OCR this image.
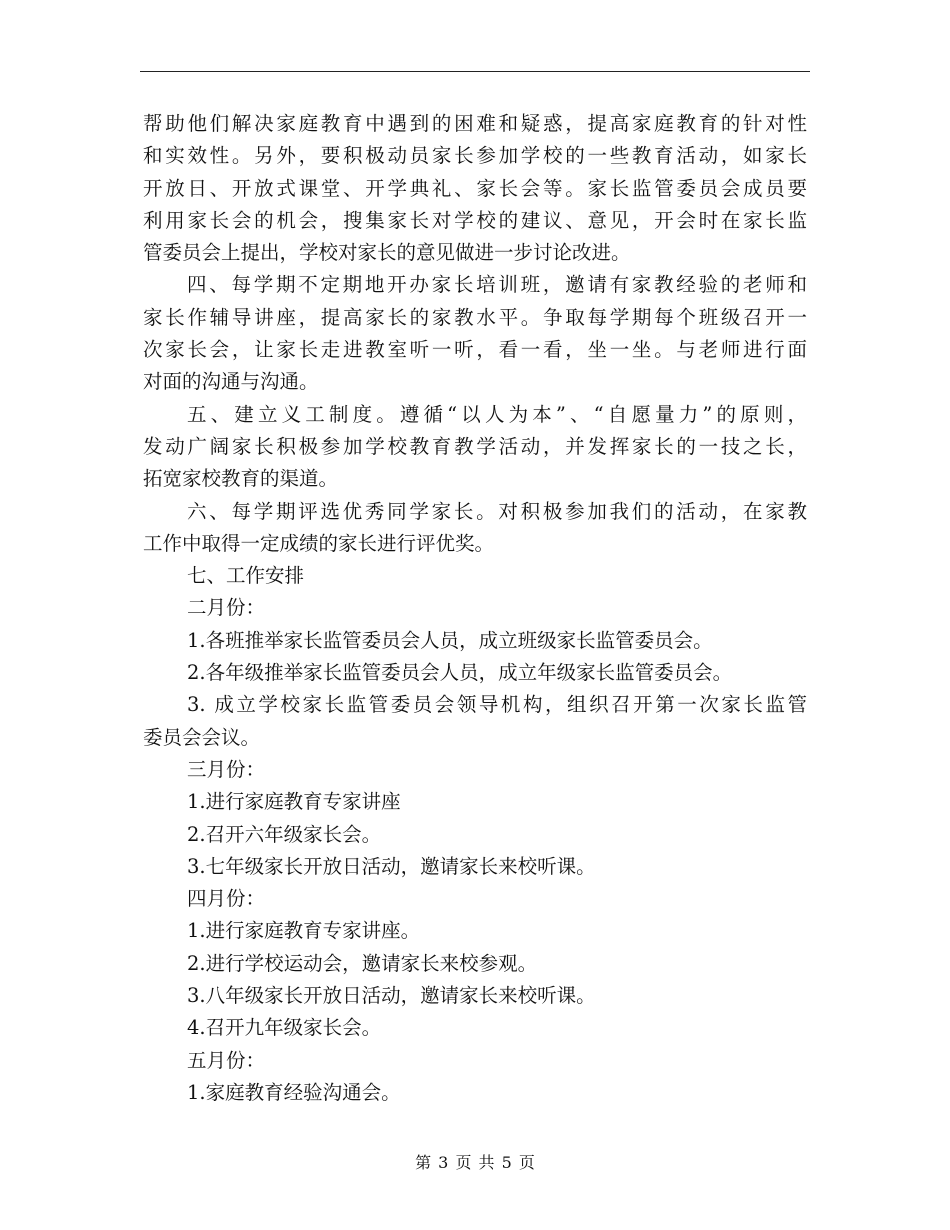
帮助他们解决家庭教育中遇到的困难和疑惑，提高家庭教育的针对性
和实效性。另外，要积极动员家长参加学校的一些教育活动，如家长
开放日、开放式课堂、开学典礼、家长会等。家长监管委员会成员要
利用家长会的机会，搜集家长对学校的建议、意见，开会时在家长监
管委员会上提出，学校对家长的意见做进一步讨论改进。
四、每学期不定期地开办家长培训班，邀请有家教经验的老师和
家长作辅导讲座，提高家长的家教水平。争取每学期每个班级召开一
次家长会，让家长走进教室听一听，看一看，坐一坐。与老师进行面
对面的沟通与沟通。
五、建立义工制度。遵循“以人为本”、“自愿量力”的原则，
发动广阔家长积极参加学校教育教学活动，并发挥家长的一技之长，
拓宽家校教育的渠道。
六、每学期评选优秀同学家长。对积极参加我们的活动，在家教
工作中取得一定成绩的家长进行评优奖。
七、工作安排
二月份：
1.各班推举家长监管委员会人员，成立班级家长监管委员会。
2.各年级推举家长监管委员会人员，成立年级家长监管委员会。
3. 成立学校家长监管委员会领导机构，组织召开第一次家长监管
委员会会议。
三月份：
1.进行家庭教育专家讲座
2.召开六年级家长会。
3.七年级家长开放日活动，邀请家长来校听课。
四月份：
1.进行家庭教育专家讲座。
2.进行学校运动会，邀请家长来校参观。
3.八年级家长开放日活动，邀请家长来校听课。
4.召开九年级家长会。
五月份：
1.家庭教育经验沟通会。
第 3 页 共 5 页
